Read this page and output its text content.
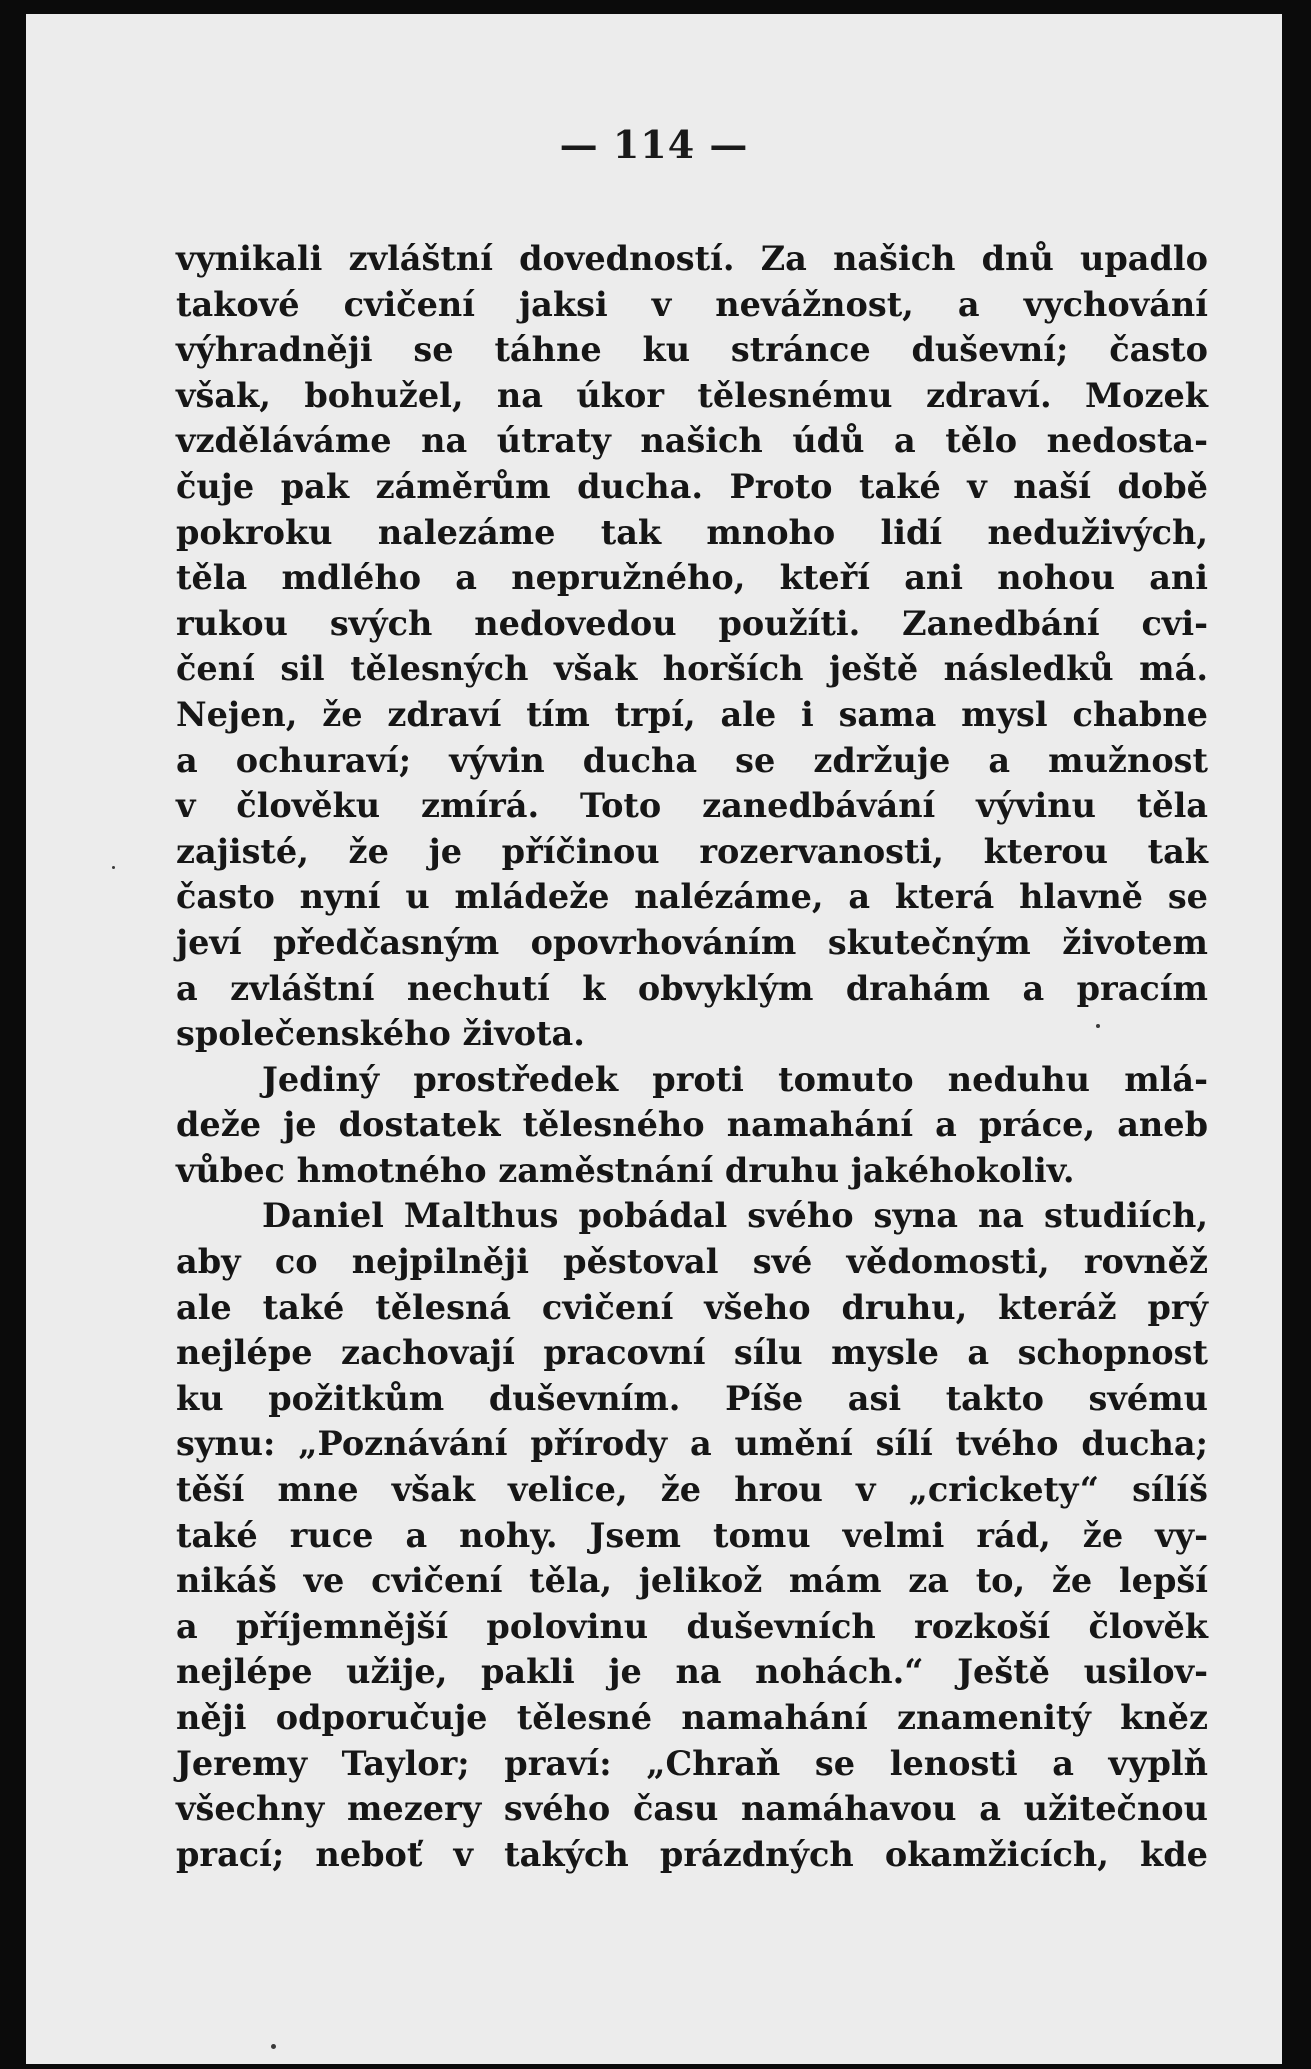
— 114 —
vynikali zvláštní dovedností. Za našich dnů upadlo
takové cvičení jaksi v nevážnost, a vychování
výhradněji se táhne ku stránce duševní; často
však, bohužel, na úkor tělesnému zdraví. Mozek
vzděláváme na útraty našich údů a tělo nedosta-
čuje pak záměrům ducha. Proto také v naší době
pokroku nalezáme tak mnoho lidí neduživých,
těla mdlého a nepružného, kteří ani nohou ani
rukou svých nedovedou použíti. Zanedbání cvi-
čení sil tělesných však horších ještě následků má.
Nejen, že zdraví tím trpí, ale i sama mysl chabne
a ochuraví; vývin ducha se zdržuje a mužnost
v člověku zmírá. Toto zanedbávání vývinu těla
zajisté, že je příčinou rozervanosti, kterou tak
často nyní u mládeže nalézáme, a která hlavně se
jeví předčasným opovrhováním skutečným životem
a zvláštní nechutí k obvyklým drahám a pracím
společenského života.
Jediný prostředek proti tomuto neduhu mlá-
deže je dostatek tělesného namahání a práce, aneb
vůbec hmotného zaměstnání druhu jakéhokoliv.
Daniel Malthus pobádal svého syna na studiích,
aby co nejpilněji pěstoval své vědomosti, rovněž
ale také tělesná cvičení všeho druhu, kteráž prý
nejlépe zachovají pracovní sílu mysle a schopnost
ku požitkům duševním. Píše asi takto svému
synu: „Poznávání přírody a umění sílí tvého ducha;
těší mne však velice, že hrou v „crickety“ sílíš
také ruce a nohy. Jsem tomu velmi rád, že vy-
nikáš ve cvičení těla, jelikož mám za to, že lepší
a příjemnější polovinu duševních rozkoší člověk
nejlépe užije, pakli je na nohách.“ Ještě usilov-
něji odporučuje tělesné namahání znamenitý kněz
Jeremy Taylor; praví: „Chraň se lenosti a vyplň
všechny mezery svého času namáhavou a užitečnou
prací; neboť v takých prázdných okamžicích, kde
